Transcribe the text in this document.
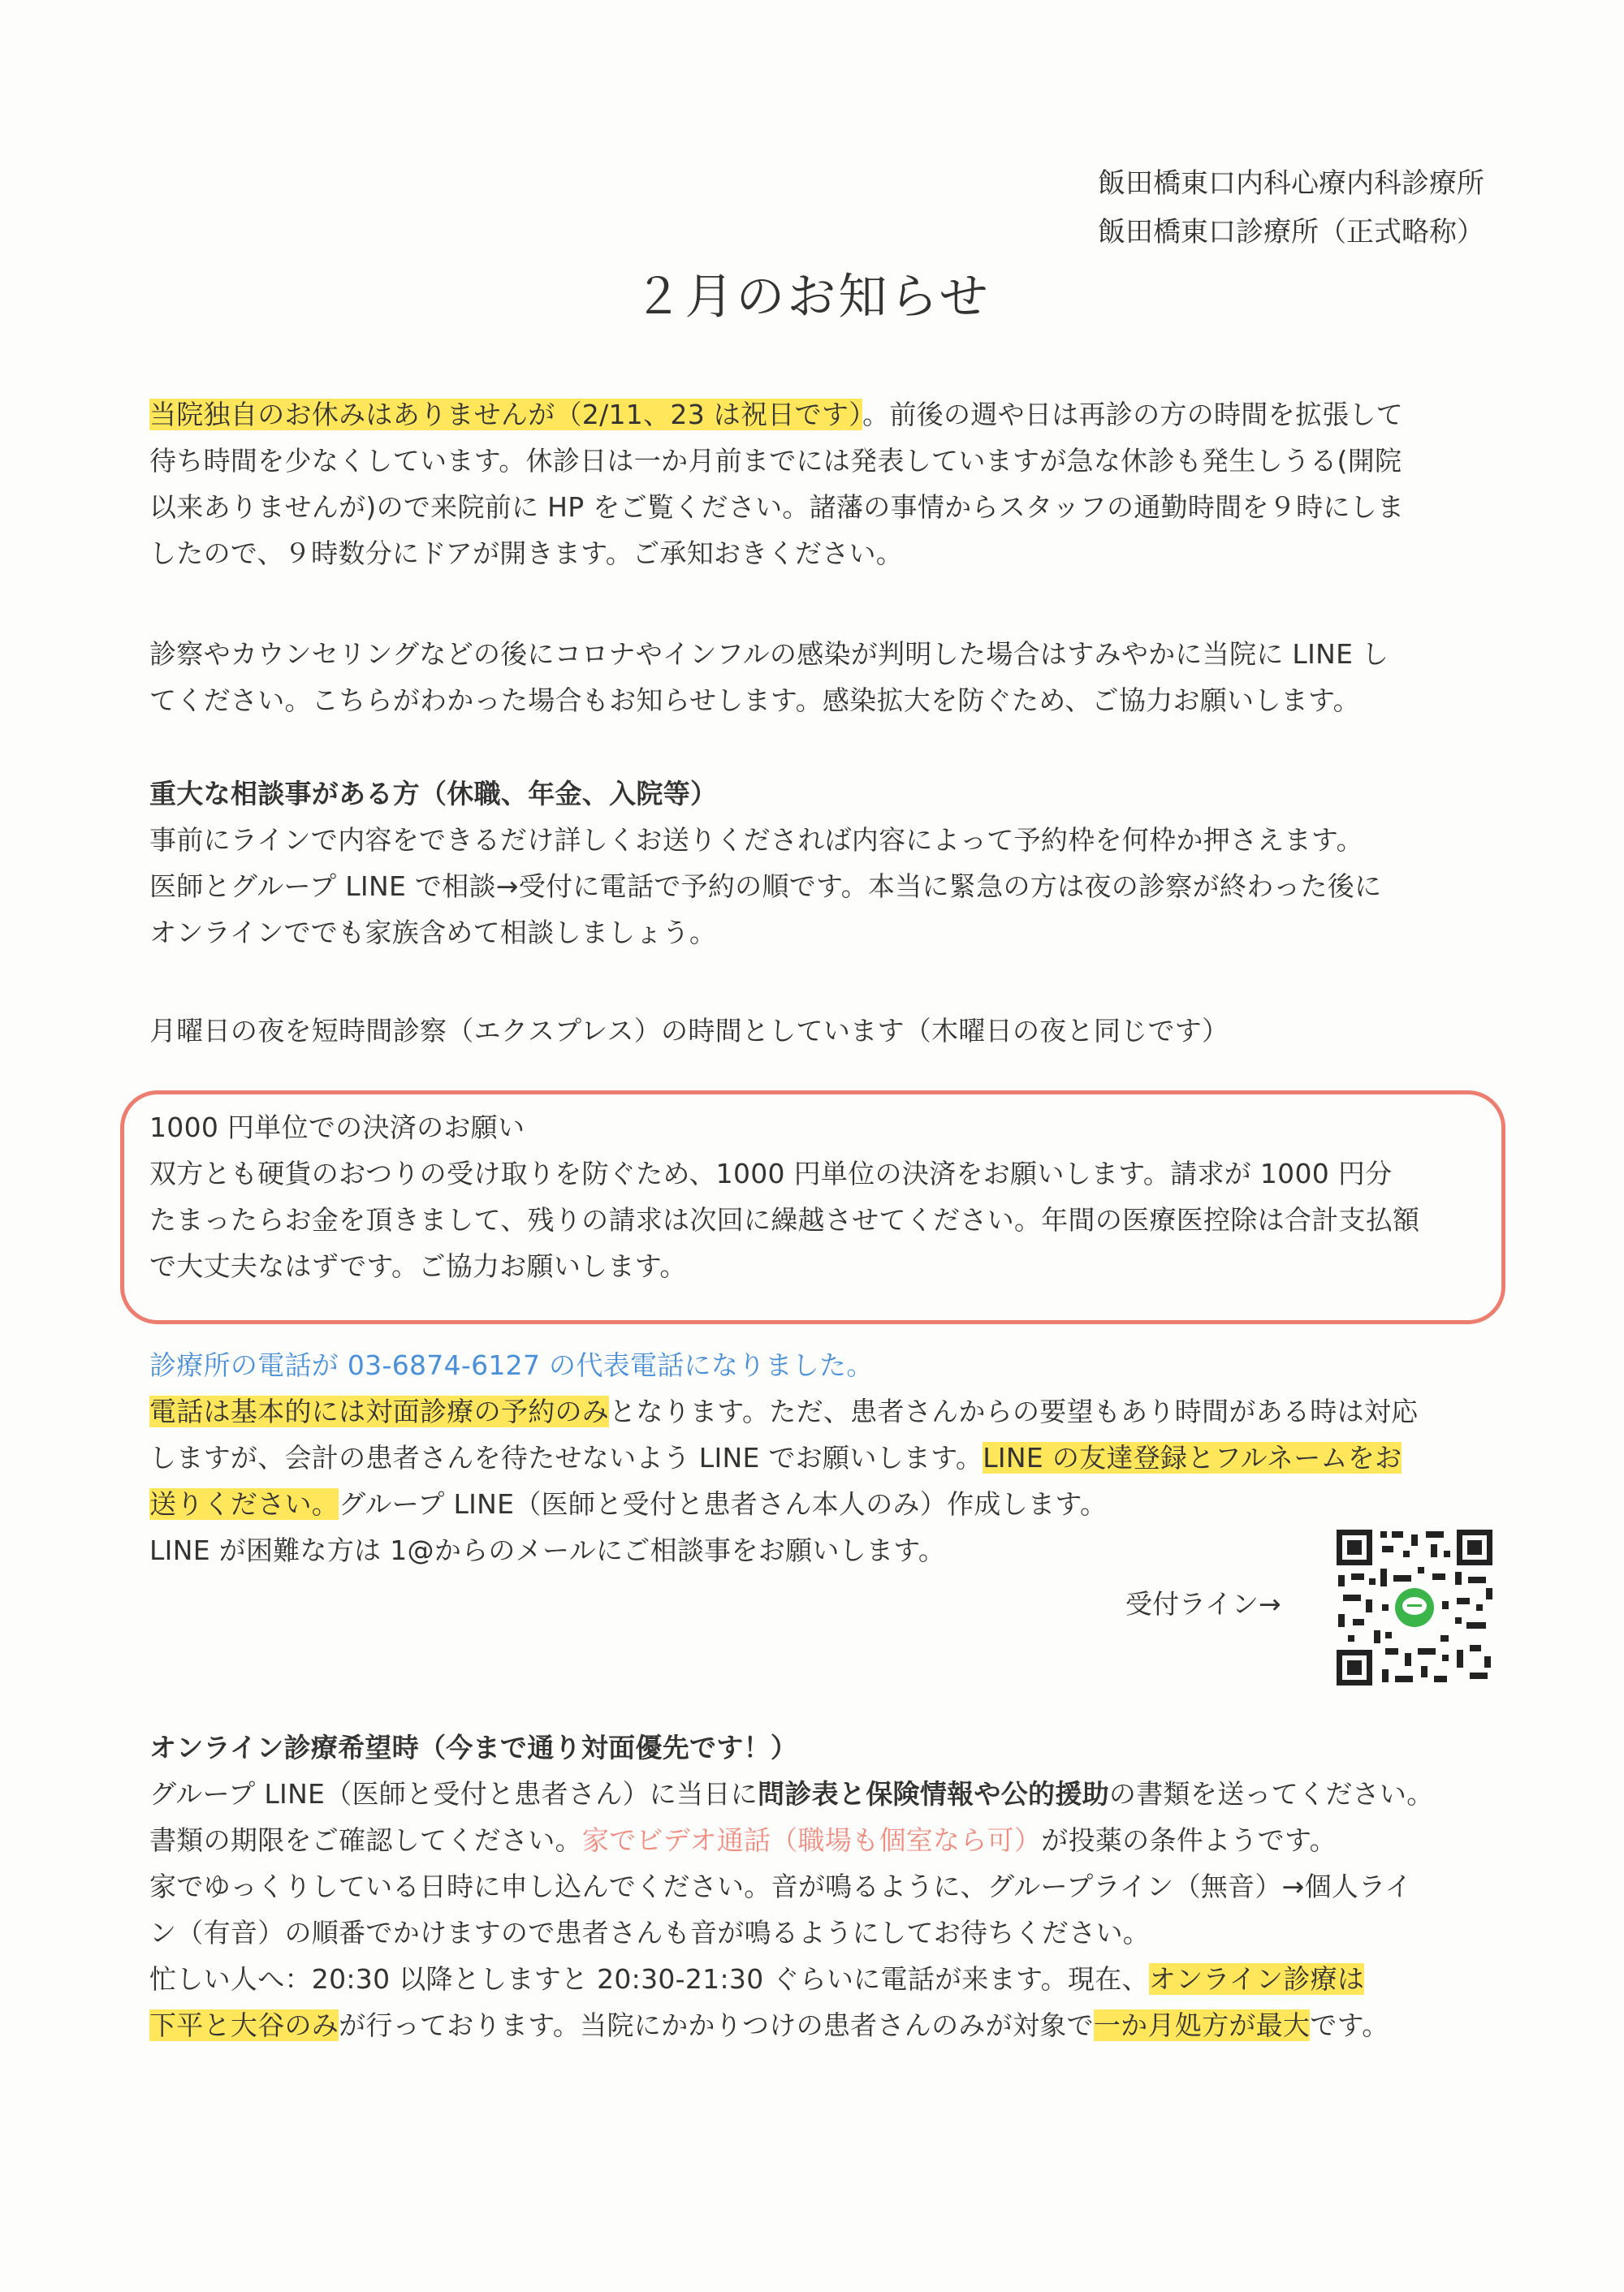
飯田橋東口内科心療内科診療所
飯田橋東口診療所（正式略称）
２月のお知らせ
当院独自のお休みはありませんが（2/11、23 は祝日です）。前後の週や日は再診の方の時間を拡張して
待ち時間を少なくしています。休診日は一か月前までには発表していますが急な休診も発生しうる(開院
以来ありませんが)ので来院前に HP をご覧ください。諸藩の事情からスタッフの通勤時間を９時にしま
したので、９時数分にドアが開きます。ご承知おきください。
診察やカウンセリングなどの後にコロナやインフルの感染が判明した場合はすみやかに当院に LINE し
てください。こちらがわかった場合もお知らせします。感染拡大を防ぐため、ご協力お願いします。
重大な相談事がある方（休職、年金、入院等）
事前にラインで内容をできるだけ詳しくお送りくだされば内容によって予約枠を何枠か押さえます。
医師とグループ LINE で相談→受付に電話で予約の順です。本当に緊急の方は夜の診察が終わった後に
オンラインででも家族含めて相談しましょう。
月曜日の夜を短時間診察（エクスプレス）の時間としています（木曜日の夜と同じです）
1000 円単位での決済のお願い
双方とも硬貨のおつりの受け取りを防ぐため、1000 円単位の決済をお願いします。請求が 1000 円分
たまったらお金を頂きまして、残りの請求は次回に繰越させてください。年間の医療医控除は合計支払額
で大丈夫なはずです。ご協力お願いします。
診療所の電話が 03-6874-6127 の代表電話になりました。
電話は基本的には対面診療の予約のみとなります。ただ、患者さんからの要望もあり時間がある時は対応
しますが、会計の患者さんを待たせないよう LINE でお願いします。LINE の友達登録とフルネームをお
送りください。グループ LINE（医師と受付と患者さん本人のみ）作成します。
LINE が困難な方は 1@からのメールにご相談事をお願いします。
受付ライン→
オンライン診療希望時（今まで通り対面優先です！）
グループ LINE（医師と受付と患者さん）に当日に問診表と保険情報や公的援助の書類を送ってください。
書類の期限をご確認してください。家でビデオ通話（職場も個室なら可）が投薬の条件ようです。
家でゆっくりしている日時に申し込んでください。音が鳴るように、グループライン（無音）→個人ライ
ン（有音）の順番でかけますので患者さんも音が鳴るようにしてお待ちください。
忙しい人へ：20:30 以降としますと 20:30-21:30 ぐらいに電話が来ます。現在、オンライン診療は
下平と大谷のみが行っております。当院にかかりつけの患者さんのみが対象で一か月処方が最大です。
